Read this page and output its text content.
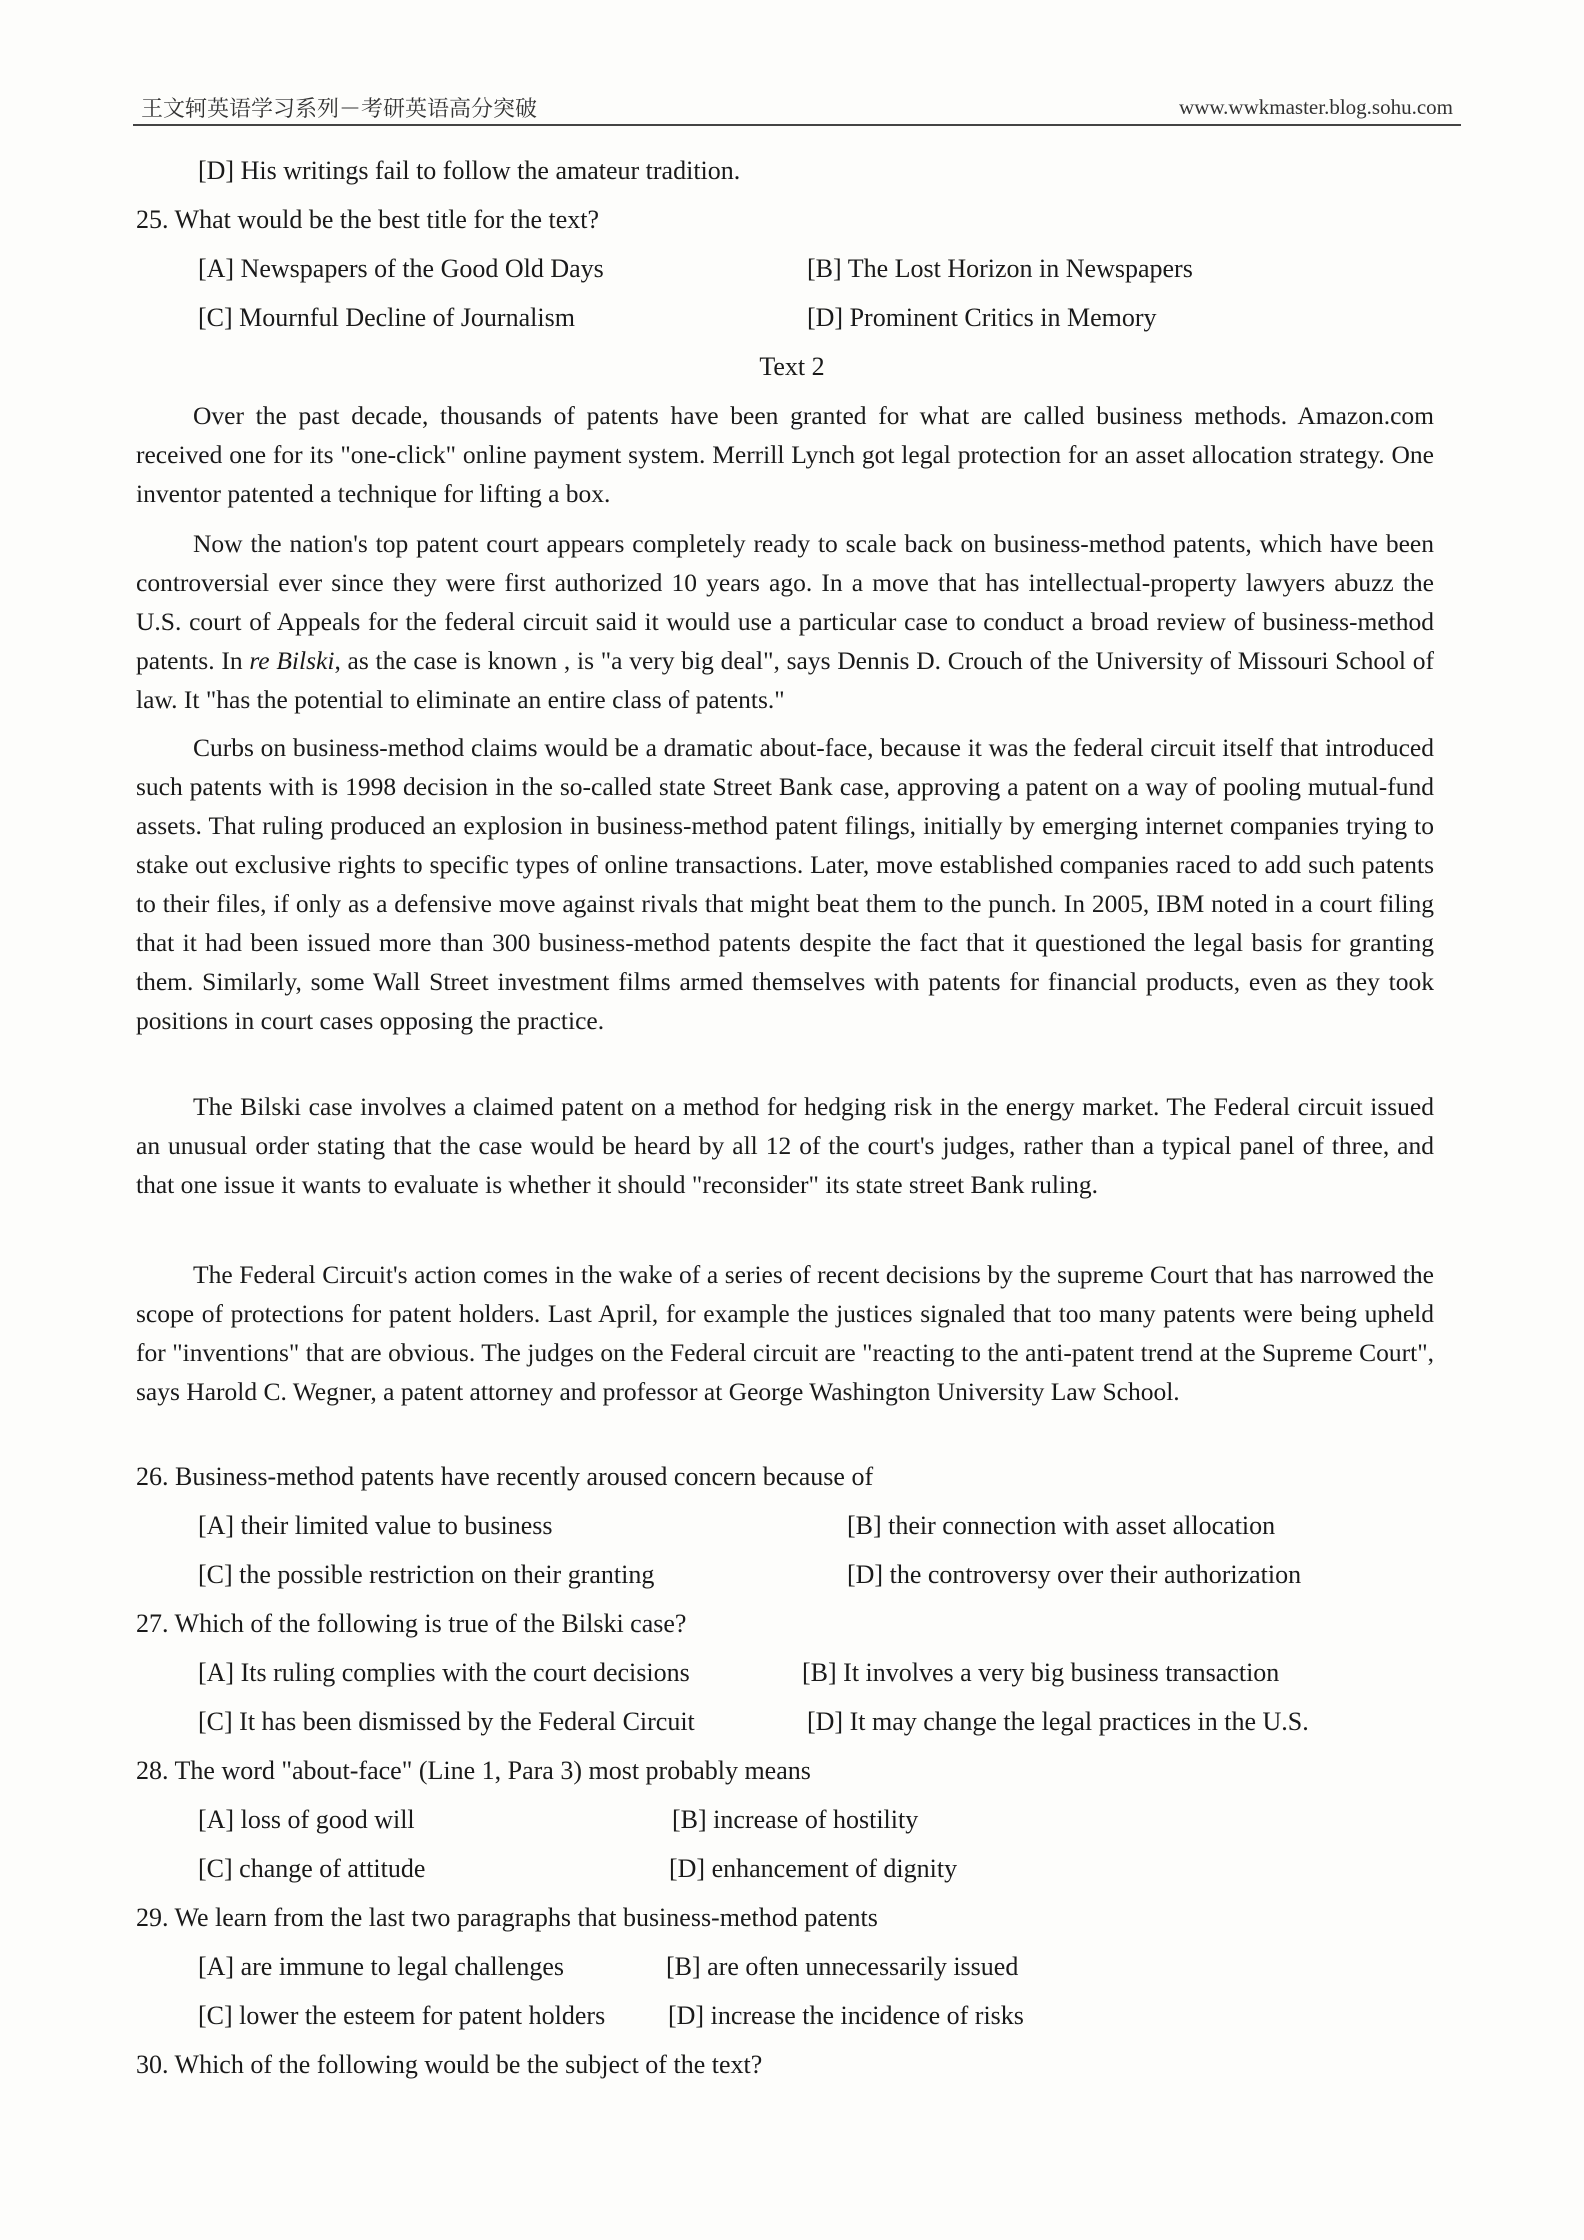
王文轲英语学习系列－考研英语高分突破	www.wwkmaster.blog.sohu.com
[D] His writings fail to follow the amateur tradition.
25. What would be the best title for the text?
[A] Newspapers of the Good Old Days	[B] The Lost Horizon in Newspapers
[C] Mournful Decline of Journalism	[D] Prominent Critics in Memory
Text 2

Over the past decade, thousands of patents have been granted for what are called business methods. Amazon.com received one for its "one-click" online payment system. Merrill Lynch got legal protection for an asset allocation strategy. One inventor patented a technique for lifting a box.

Now the nation's top patent court appears completely ready to scale back on business-method patents, which have been controversial ever since they were first authorized 10 years ago. In a move that has intellectual-property lawyers abuzz the U.S. court of Appeals for the federal circuit said it would use a particular case to conduct a broad review of business-method patents. In re Bilski, as the case is known , is "a very big deal", says Dennis D. Crouch of the University of Missouri School of law. It "has the potential to eliminate an entire class of patents."

Curbs on business-method claims would be a dramatic about-face, because it was the federal circuit itself that introduced such patents with is 1998 decision in the so-called state Street Bank case, approving a patent on a way of pooling mutual-fund assets. That ruling produced an explosion in business-method patent filings, initially by emerging internet companies trying to stake out exclusive rights to specific types of online transactions. Later, move established companies raced to add such patents to their files, if only as a defensive move against rivals that might beat them to the punch. In 2005, IBM noted in a court filing that it had been issued more than 300 business-method patents despite the fact that it questioned the legal basis for granting them. Similarly, some Wall Street investment films armed themselves with patents for financial products, even as they took positions in court cases opposing the practice.

The Bilski case involves a claimed patent on a method for hedging risk in the energy market. The Federal circuit issued an unusual order stating that the case would be heard by all 12 of the court's judges, rather than a typical panel of three, and that one issue it wants to evaluate is whether it should "reconsider" its state street Bank ruling.

The Federal Circuit's action comes in the wake of a series of recent decisions by the supreme Court that has narrowed the scope of protections for patent holders. Last April, for example the justices signaled that too many patents were being upheld for "inventions" that are obvious. The judges on the Federal circuit are "reacting to the anti-patent trend at the Supreme Court", says Harold C. Wegner, a patent attorney and professor at George Washington University Law School.

26. Business-method patents have recently aroused concern because of
[A] their limited value to business	[B] their connection with asset allocation
[C] the possible restriction on their granting	[D] the controversy over their authorization
27. Which of the following is true of the Bilski case?
[A] Its ruling complies with the court decisions	[B] It involves a very big business transaction
[C] It has been dismissed by the Federal Circuit	[D] It may change the legal practices in the U.S.
28. The word "about-face" (Line 1, Para 3) most probably means
[A] loss of good will	[B] increase of hostility
[C] change of attitude	[D] enhancement of dignity
29. We learn from the last two paragraphs that business-method patents
[A] are immune to legal challenges	[B] are often unnecessarily issued
[C] lower the esteem for patent holders [D] increase the incidence of risks
30. Which of the following would be the subject of the text?
